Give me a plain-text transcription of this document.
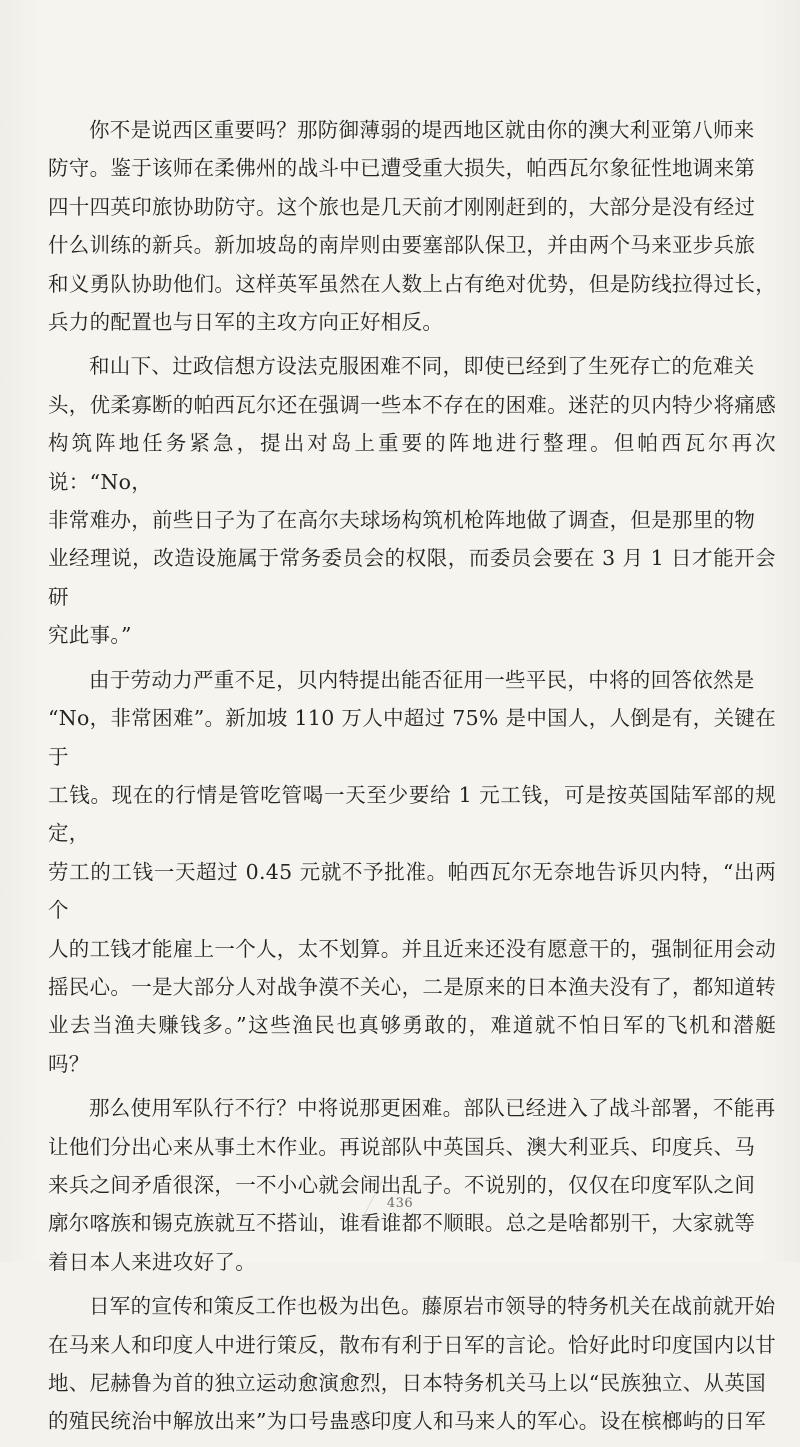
你不是说西区重要吗？那防御薄弱的堤西地区就由你的澳大利亚第八师来
防守。鉴于该师在柔佛州的战斗中已遭受重大损失，帕西瓦尔象征性地调来第
四十四英印旅协助防守。这个旅也是几天前才刚刚赶到的，大部分是没有经过
什么训练的新兵。新加坡岛的南岸则由要塞部队保卫，并由两个马来亚步兵旅
和义勇队协助他们。这样英军虽然在人数上占有绝对优势，但是防线拉得过长，
兵力的配置也与日军的主攻方向正好相反。

和山下、辻政信想方设法克服困难不同，即使已经到了生死存亡的危难关
头，优柔寡断的帕西瓦尔还在强调一些本不存在的困难。迷茫的贝内特少将痛感
构筑阵地任务紧急，提出对岛上重要的阵地进行整理。但帕西瓦尔再次说：“No，
非常难办，前些日子为了在高尔夫球场构筑机枪阵地做了调查，但是那里的物
业经理说，改造设施属于常务委员会的权限，而委员会要在 3 月 1 日才能开会研
究此事。”

由于劳动力严重不足，贝内特提出能否征用一些平民，中将的回答依然是
“No，非常困难”。新加坡 110 万人中超过 75% 是中国人，人倒是有，关键在于
工钱。现在的行情是管吃管喝一天至少要给 1 元工钱，可是按英国陆军部的规定，
劳工的工钱一天超过 0.45 元就不予批准。帕西瓦尔无奈地告诉贝内特，“出两个
人的工钱才能雇上一个人，太不划算。并且近来还没有愿意干的，强制征用会动
摇民心。一是大部分人对战争漠不关心，二是原来的日本渔夫没有了，都知道转
业去当渔夫赚钱多。”这些渔民也真够勇敢的，难道就不怕日军的飞机和潜艇吗？

那么使用军队行不行？中将说那更困难。部队已经进入了战斗部署，不能再
让他们分出心来从事土木作业。再说部队中英国兵、澳大利亚兵、印度兵、马
来兵之间矛盾很深，一不小心就会闹出乱子。不说别的，仅仅在印度军队之间
廓尔喀族和锡克族就互不搭讪，谁看谁都不顺眼。总之是啥都别干，大家就等
着日本人来进攻好了。

日军的宣传和策反工作也极为出色。藤原岩市领导的特务机关在战前就开始
在马来人和印度人中进行策反，散布有利于日军的言论。恰好此时印度国内以甘
地、尼赫鲁为首的独立运动愈演愈烈，日本特务机关马上以“民族独立、从英国
的殖民统治中解放出来”为口号蛊惑印度人和马来人的军心。设在槟榔屿的日军

436
